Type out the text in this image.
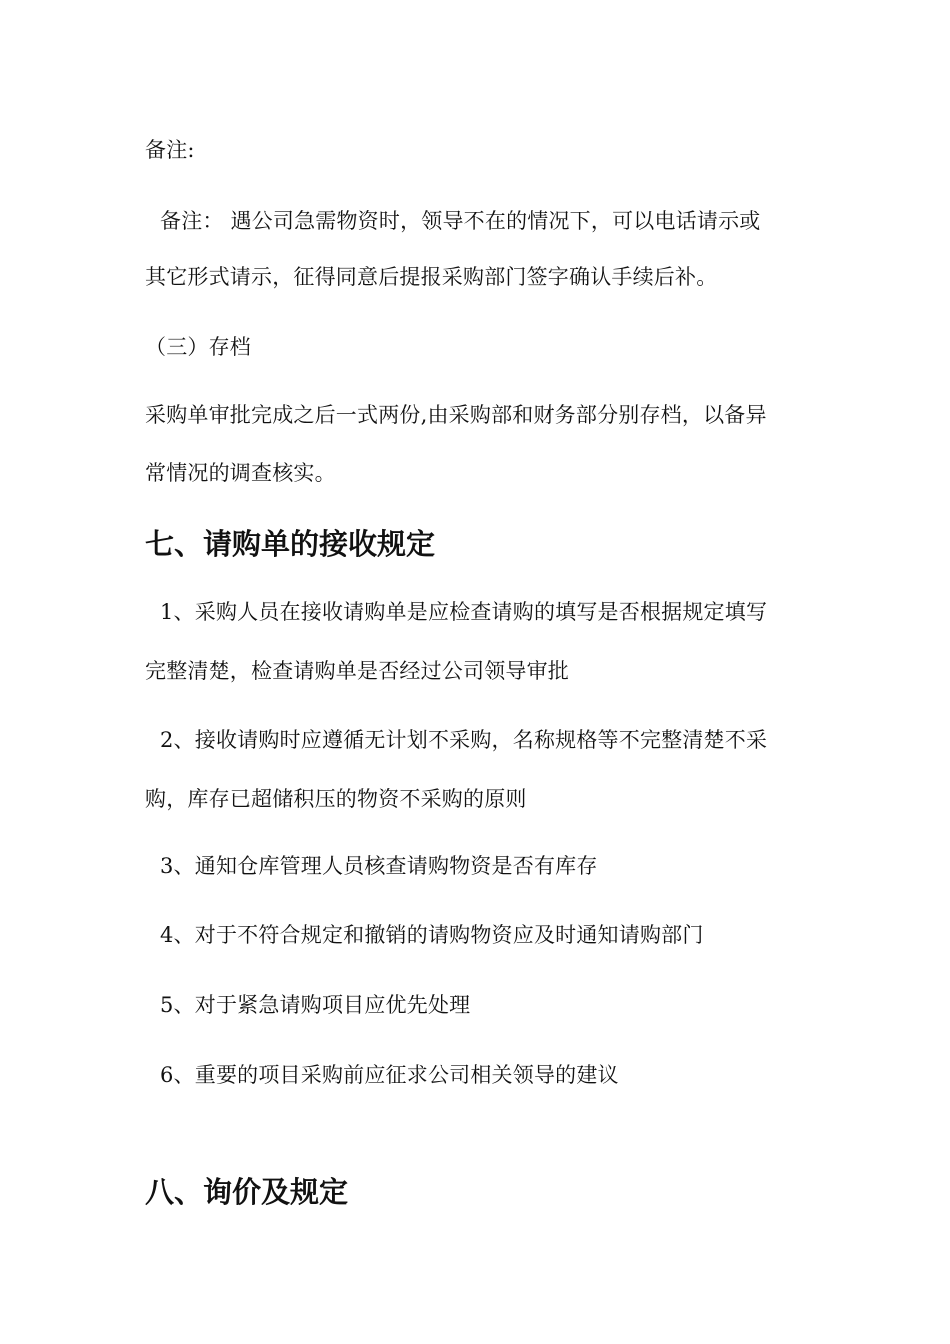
备注:
备注： 遇公司急需物资时，领导不在的情况下，可以电话请示或
其它形式请示，征得同意后提报采购部门签字确认手续后补。
（三）存档
采购单审批完成之后一式两份,由采购部和财务部分别存档，以备异
常情况的调查核实。
七、请购单的接收规定
1、采购人员在接收请购单是应检查请购的填写是否根据规定填写
完整清楚，检查请购单是否经过公司领导审批
2、接收请购时应遵循无计划不采购，名称规格等不完整清楚不采
购，库存已超储积压的物资不采购的原则
3、通知仓库管理人员核查请购物资是否有库存
4、对于不符合规定和撤销的请购物资应及时通知请购部门
5、对于紧急请购项目应优先处理
6、重要的项目采购前应征求公司相关领导的建议
八、询价及规定
